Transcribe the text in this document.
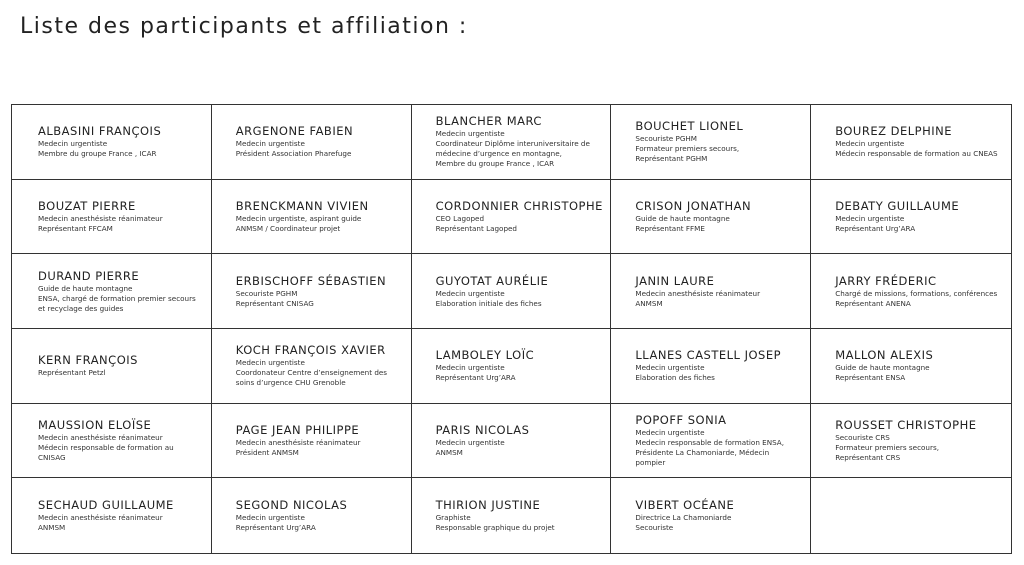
Liste des participants et affiliation :
ALBASINI FRANÇOIS
Medecin urgentiste
Membre du groupe France , ICAR
ARGENONE FABIEN
Medecin urgentiste
Président Association Pharefuge
BLANCHER MARC
Medecin urgentiste
Coordinateur Diplôme interuniversitaire de médecine d’urgence en montagne,
Membre du groupe France , ICAR
BOUCHET LIONEL
Secouriste PGHM
Formateur premiers secours,
Représentant PGHM
BOUREZ DELPHINE
Medecin urgentiste
Médecin responsable de formation au CNEAS
BOUZAT PIERRE
Medecin anesthésiste réanimateur
Représentant FFCAM
BRENCKMANN VIVIEN
Medecin urgentiste, aspirant guide
ANMSM / Coordinateur projet
CORDONNIER CHRISTOPHE
CEO Lagoped
Représentant Lagoped
CRISON JONATHAN
Guide de haute montagne
Représentant FFME
DEBATY GUILLAUME
Medecin urgentiste
Représentant Urg’ARA
DURAND PIERRE
Guide de haute montagne
ENSA, chargé de formation premier secours et recyclage des guides
ERBISCHOFF SÉBASTIEN
Secouriste PGHM
Représentant CNISAG
GUYOTAT AURÉLIE
Medecin urgentiste
Elaboration initiale des fiches
JANIN LAURE
Medecin anesthésiste réanimateur
ANMSM
JARRY FRÉDERIC
Chargé de missions, formations, conférences
Représentant ANENA
KERN FRANÇOIS
Représentant Petzl
KOCH FRANÇOIS XAVIER
Medecin urgentiste
Coordonateur Centre d’enseignement des soins d’urgence CHU Grenoble
LAMBOLEY LOÏC
Medecin urgentiste
Représentant Urg’ARA
LLANES CASTELL JOSEP
Medecin urgentiste
Elaboration des fiches
MALLON ALEXIS
Guide de haute montagne
Représentant ENSA
MAUSSION ELOÏSE
Medecin anesthésiste réanimateur
Médecin responsable de formation au CNISAG
PAGE JEAN PHILIPPE
Medecin anesthésiste réanimateur
Président ANMSM
PARIS NICOLAS
Medecin urgentiste
ANMSM
POPOFF SONIA
Medecin urgentiste
Medecin responsable de formation ENSA,
Présidente La Chamoniarde, Médecin pompier
ROUSSET CHRISTOPHE
Secouriste CRS
Formateur premiers secours,
Représentant CRS
SECHAUD GUILLAUME
Medecin anesthésiste réanimateur
ANMSM
SEGOND NICOLAS
Medecin urgentiste
Représentant Urg’ARA
THIRION JUSTINE
Graphiste
Responsable graphique du projet
VIBERT OCÉANE
Directrice La Chamoniarde
Secouriste
